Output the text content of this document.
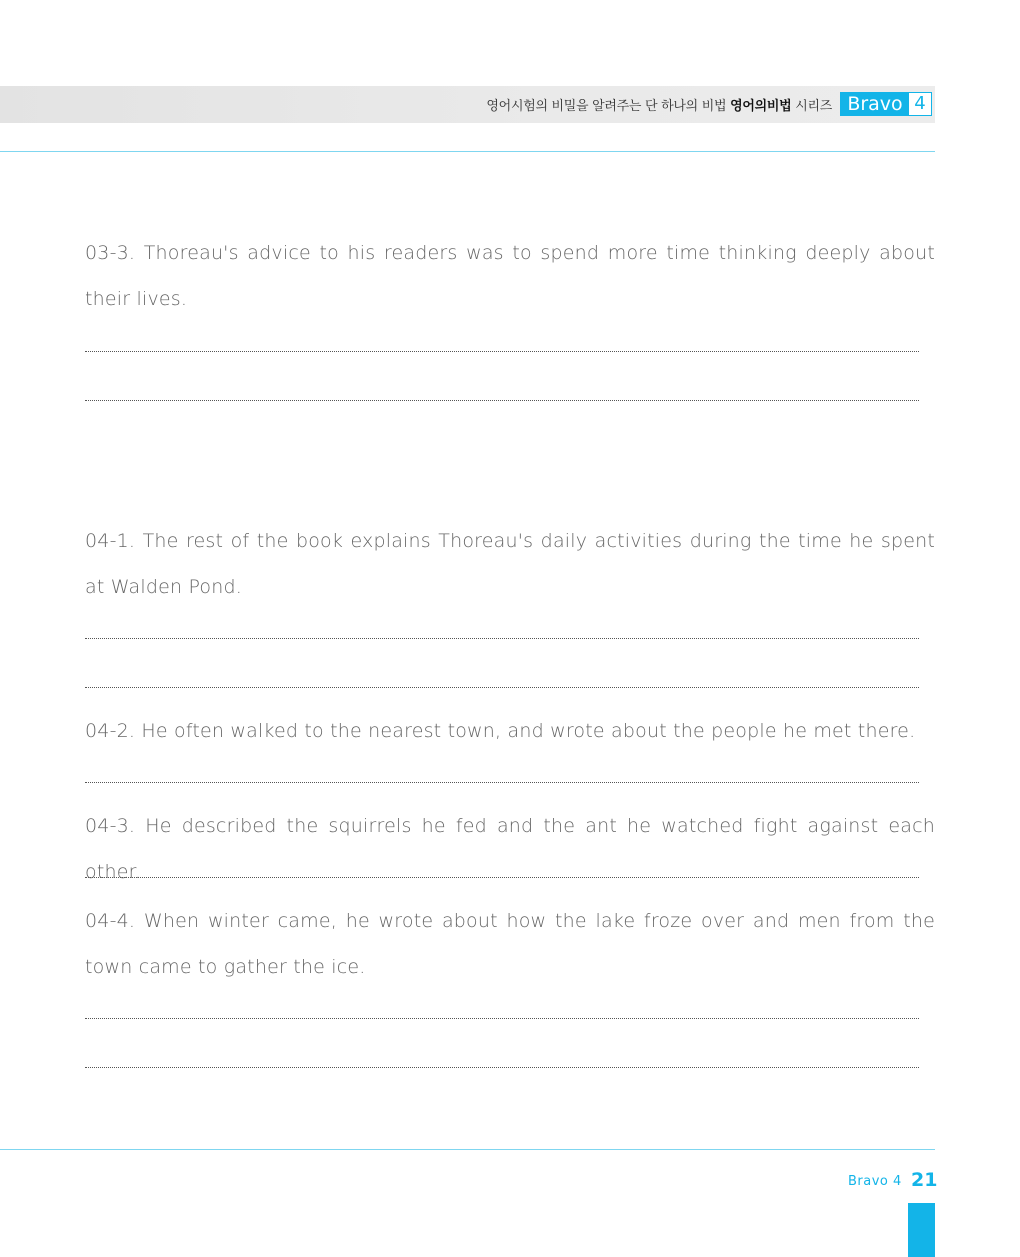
영어시험의 비밀을 알려주는 단 하나의 비법 영어의비법 시리즈 Bravo 4
03-3. Thoreau's advice to his readers was to spend more time thinking deeply about their lives.
04-1. The rest of the book explains Thoreau's daily activities during the time he spent at Walden Pond.
04-2. He often walked to the nearest town, and wrote about the people he met there.
04-3. He described the squirrels he fed and the ant he watched fight against each other.
04-4. When winter came, he wrote about how the lake froze over and men from the town came to gather the ice.
Bravo 4 21
